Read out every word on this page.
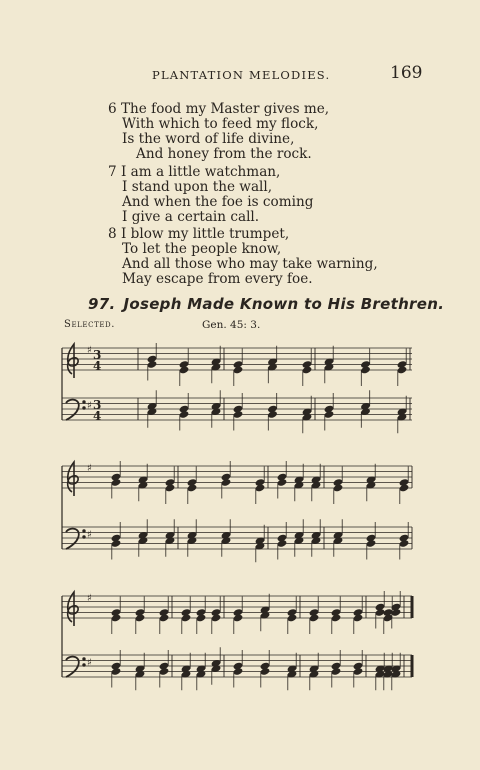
PLANTATION MELODIES.	169
6 The food my Master gives me,
With which to feed my flock,
Is the word of life divine,
And honey from the rock.
7 I am a little watchman,
I stand upon the wall,
And when the foe is coming
I give a certain call.
8 I blow my little trumpet,
To let the people know,
And all those who may take warning,
May escape from every foe.
97. Joseph Made Known to His Brethren.
Selected.	Gen. 45: 3.
♯
♯
3
4
3
4
♯
♯
♯
♯
